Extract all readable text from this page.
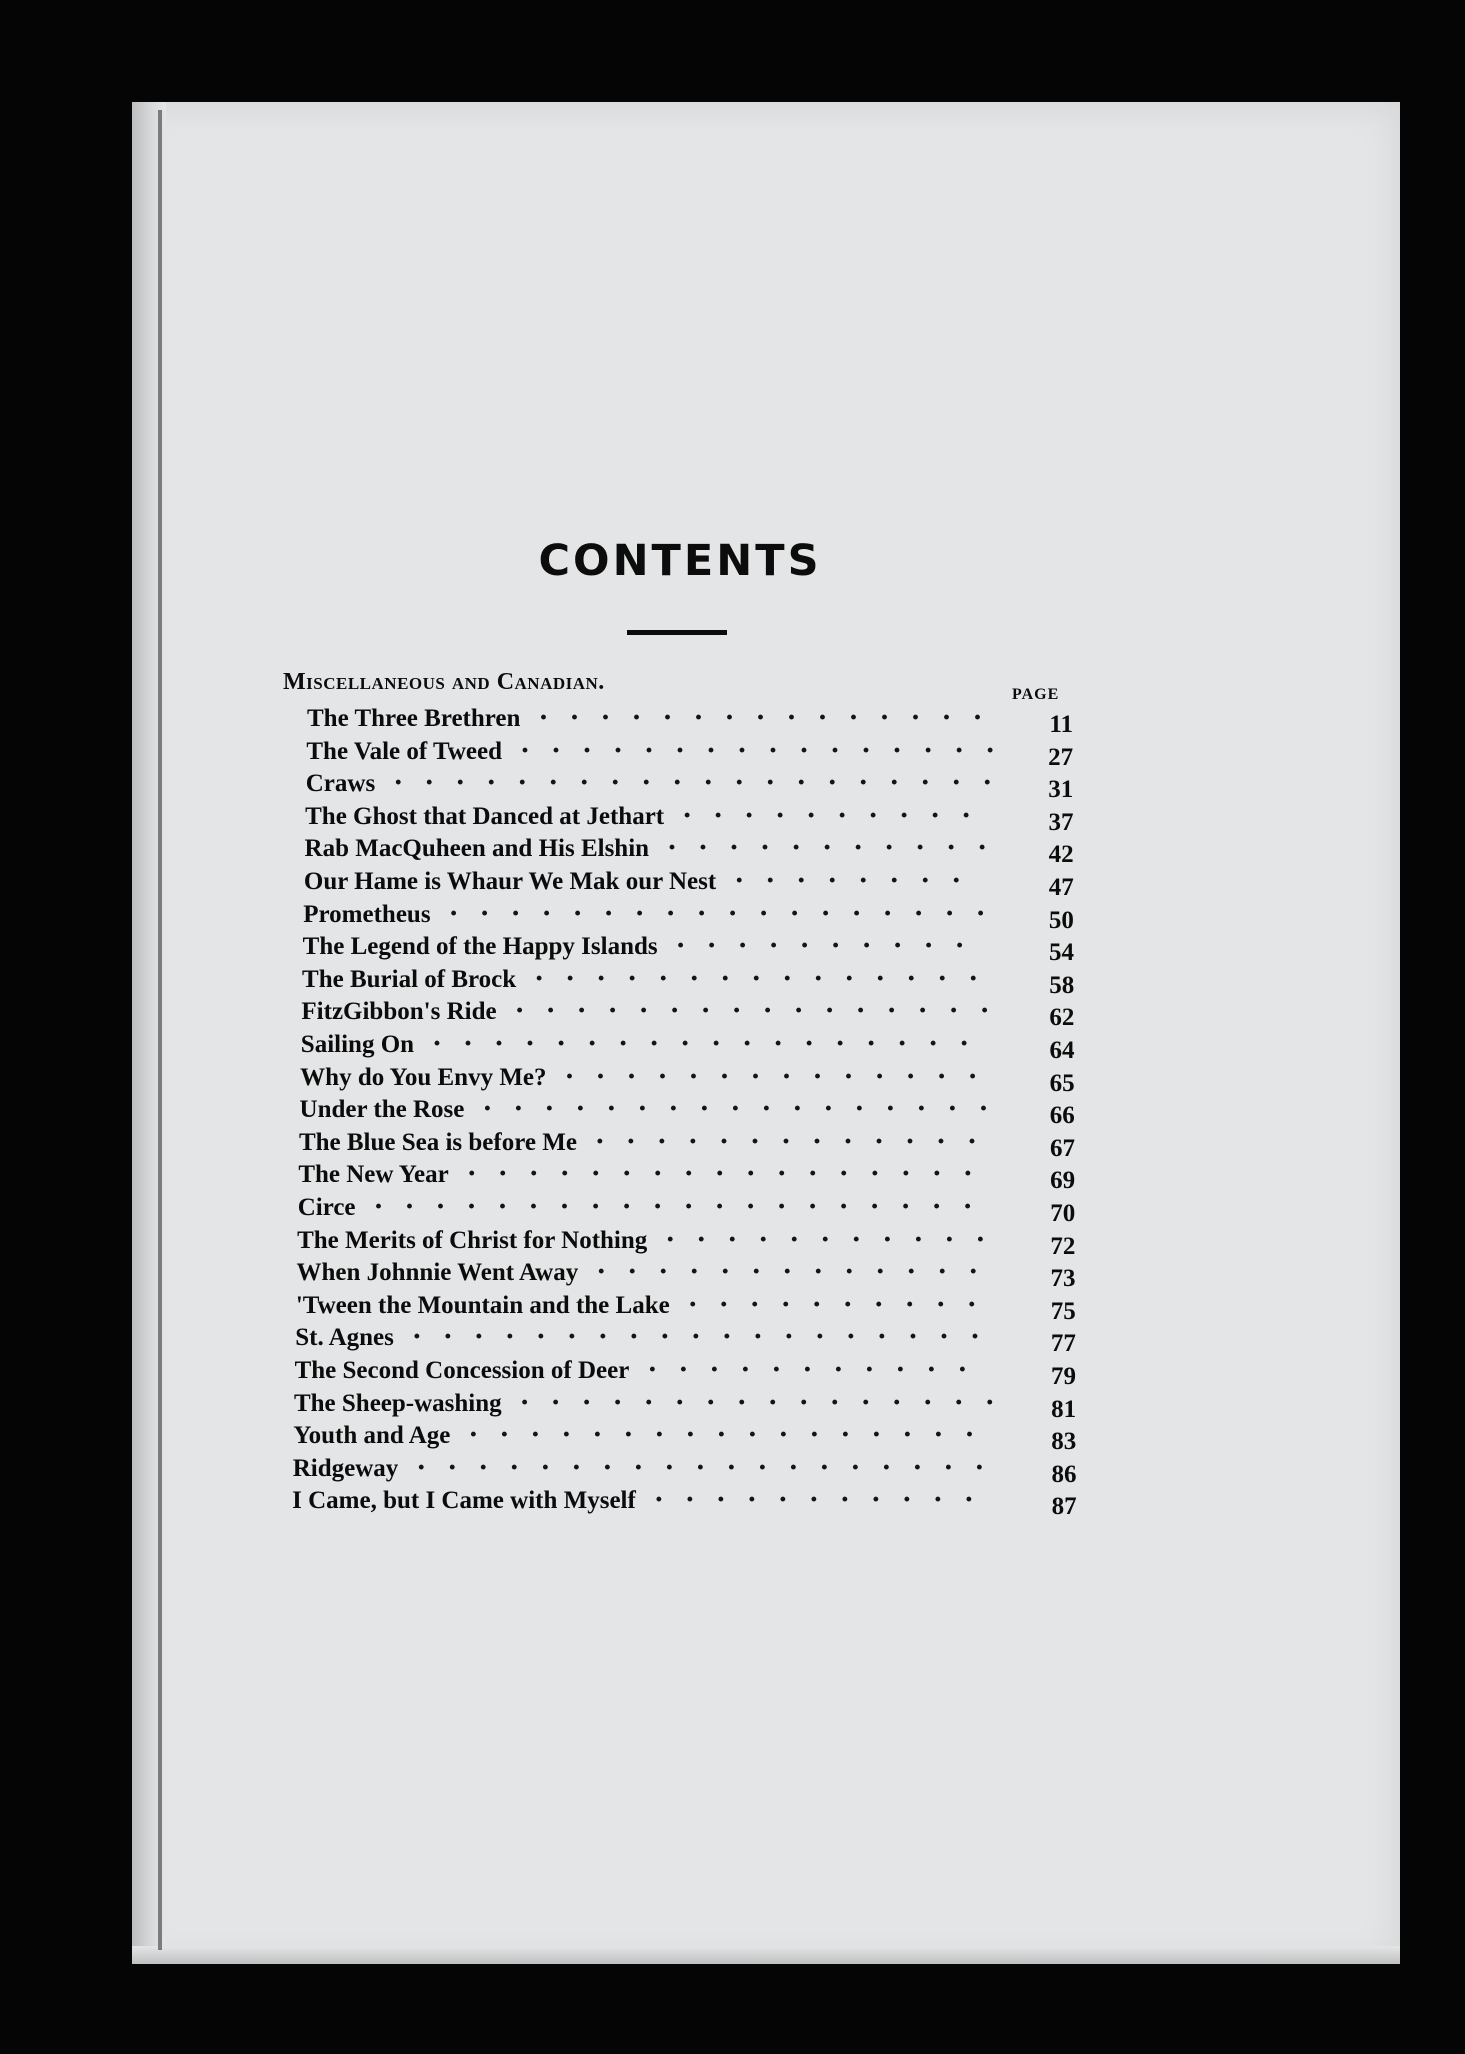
CONTENTS
Miscellaneous and Canadian.	PAGE
The Three Brethren	11
···············
The Vale of Tweed	27
················
Craws	31
····················
The Ghost that Danced at Jethart	37
··········
Rab MacQuheen and His Elshin	42
···········
Our Hame is Whaur We Mak our Nest	47
········
Prometheus	50
··················
The Legend of the Happy Islands	54
··········
The Burial of Brock	58
···············
FitzGibbon's Ride	62
················
Sailing On	64
··················
Why do You Envy Me?	65
··············
Under the Rose	66
·················
The Blue Sea is before Me	67
·············
The New Year	69
·················
Circe	70
····················
The Merits of Christ for Nothing	72
···········
When Johnnie Went Away	73
·············
'Tween the Mountain and the Lake	75
··········
St. Agnes	77
···················
The Second Concession of Deer	79
···········
The Sheep-washing	81
················
Youth and Age	83
·················
Ridgeway	86
···················
I Came, but I Came with Myself	87
···········
